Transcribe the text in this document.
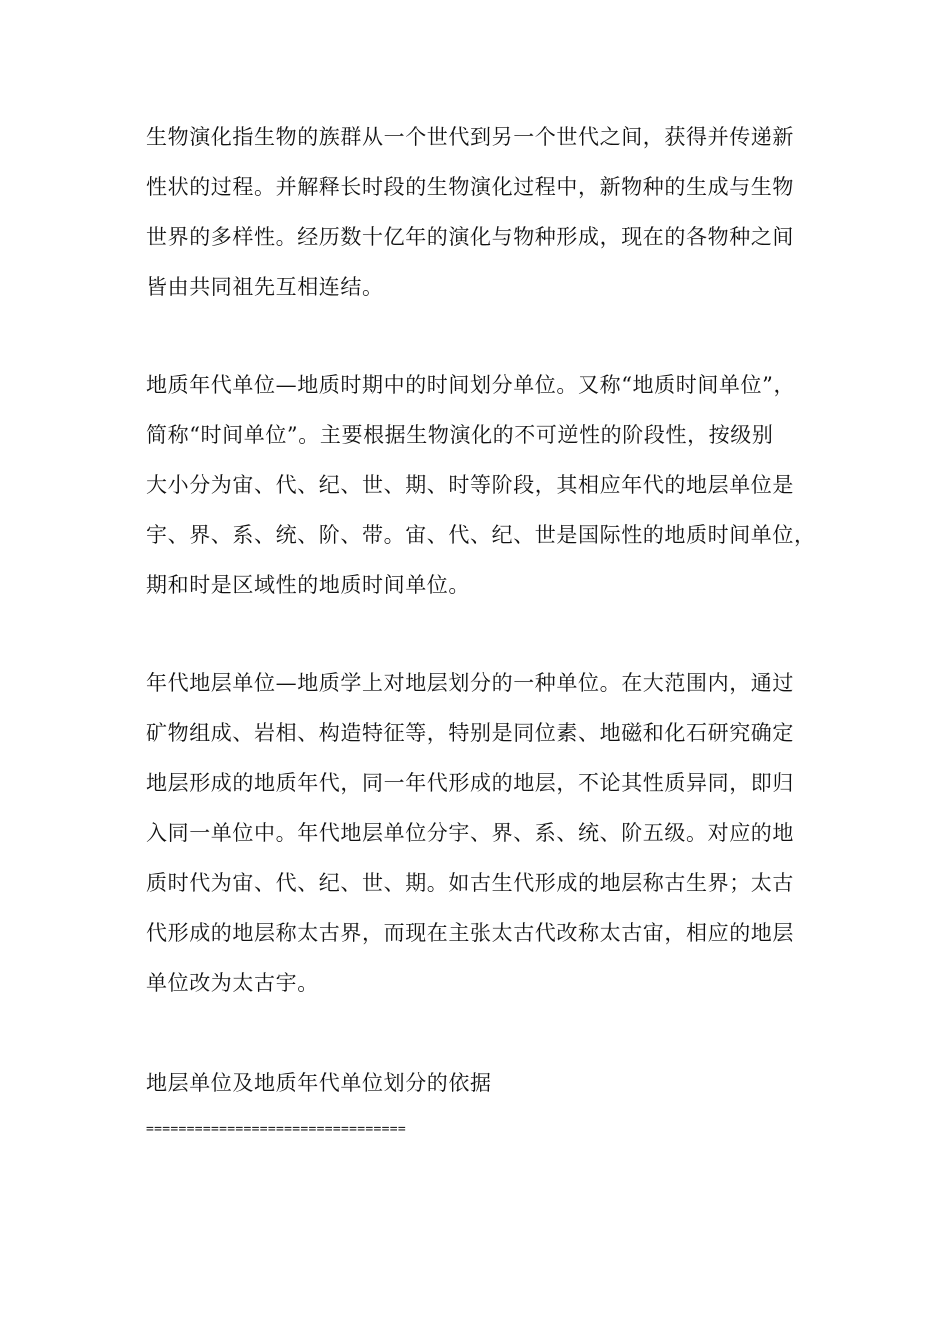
生物演化指生物的族群从一个世代到另一个世代之间，获得并传递新
性状的过程。并解释长时段的生物演化过程中，新物种的生成与生物
世界的多样性。经历数十亿年的演化与物种形成，现在的各物种之间
皆由共同祖先互相连结。
地质年代单位—地质时期中的时间划分单位。又称“地质时间单位”，
简称“时间单位”。主要根据生物演化的不可逆性的阶段性，按级别
大小分为宙、代、纪、世、期、时等阶段，其相应年代的地层单位是
宇、界、系、统、阶、带。宙、代、纪、世是国际性的地质时间单位，
期和时是区域性的地质时间单位。
年代地层单位—地质学上对地层划分的一种单位。在大范围内，通过
矿物组成、岩相、构造特征等，特别是同位素、地磁和化石研究确定
地层形成的地质年代，同一年代形成的地层，不论其性质异同，即归
入同一单位中。年代地层单位分宇、界、系、统、阶五级。对应的地
质时代为宙、代、纪、世、期。如古生代形成的地层称古生界；太古
代形成的地层称太古界，而现在主张太古代改称太古宙，相应的地层
单位改为太古宇。
地层单位及地质年代单位划分的依据
================================
